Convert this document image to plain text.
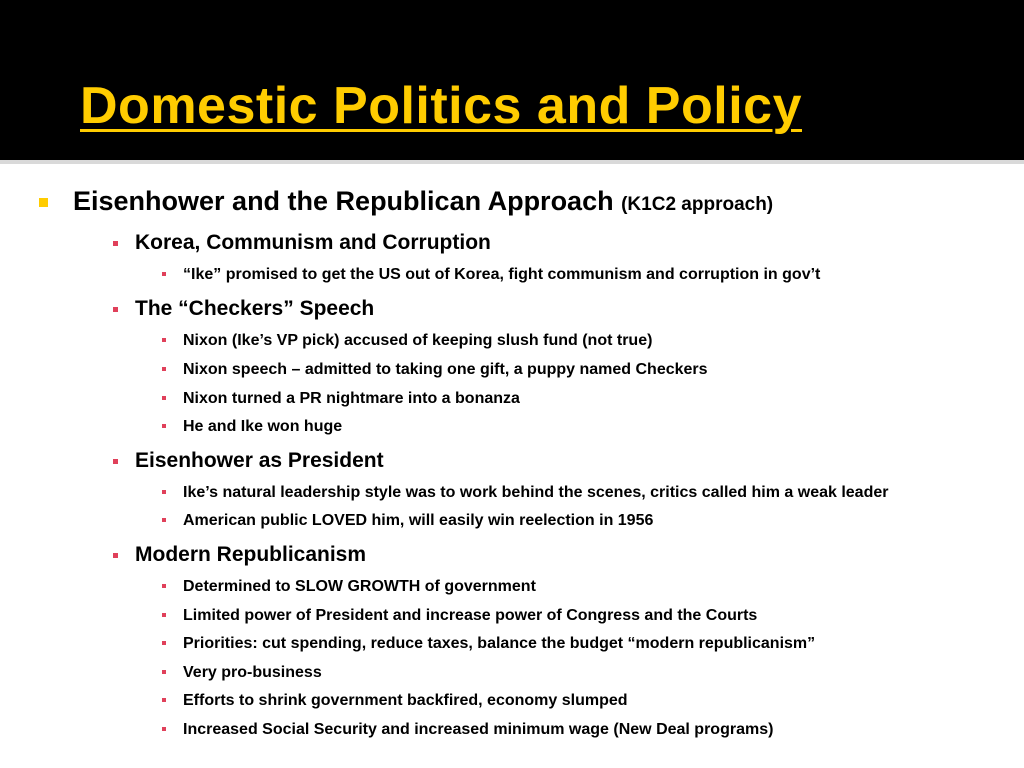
Domestic Politics and Policy
Eisenhower and the Republican Approach (K1C2 approach)
Korea, Communism and Corruption
“Ike” promised to get the US out of Korea, fight communism and corruption in gov’t
The “Checkers” Speech
Nixon (Ike’s VP pick) accused of keeping slush fund (not true)
Nixon speech – admitted to taking one gift, a puppy named Checkers
Nixon turned a PR nightmare into a bonanza
He and Ike won huge
Eisenhower as President
Ike’s natural leadership style was to work behind the scenes, critics called him a weak leader
American public LOVED him, will easily win reelection in 1956
Modern Republicanism
Determined to SLOW GROWTH of government
Limited power of President and increase power of Congress and the Courts
Priorities: cut spending, reduce taxes, balance the budget “modern republicanism”
Very pro-business
Efforts to shrink government backfired, economy slumped
Increased Social Security and increased minimum wage (New Deal programs)
